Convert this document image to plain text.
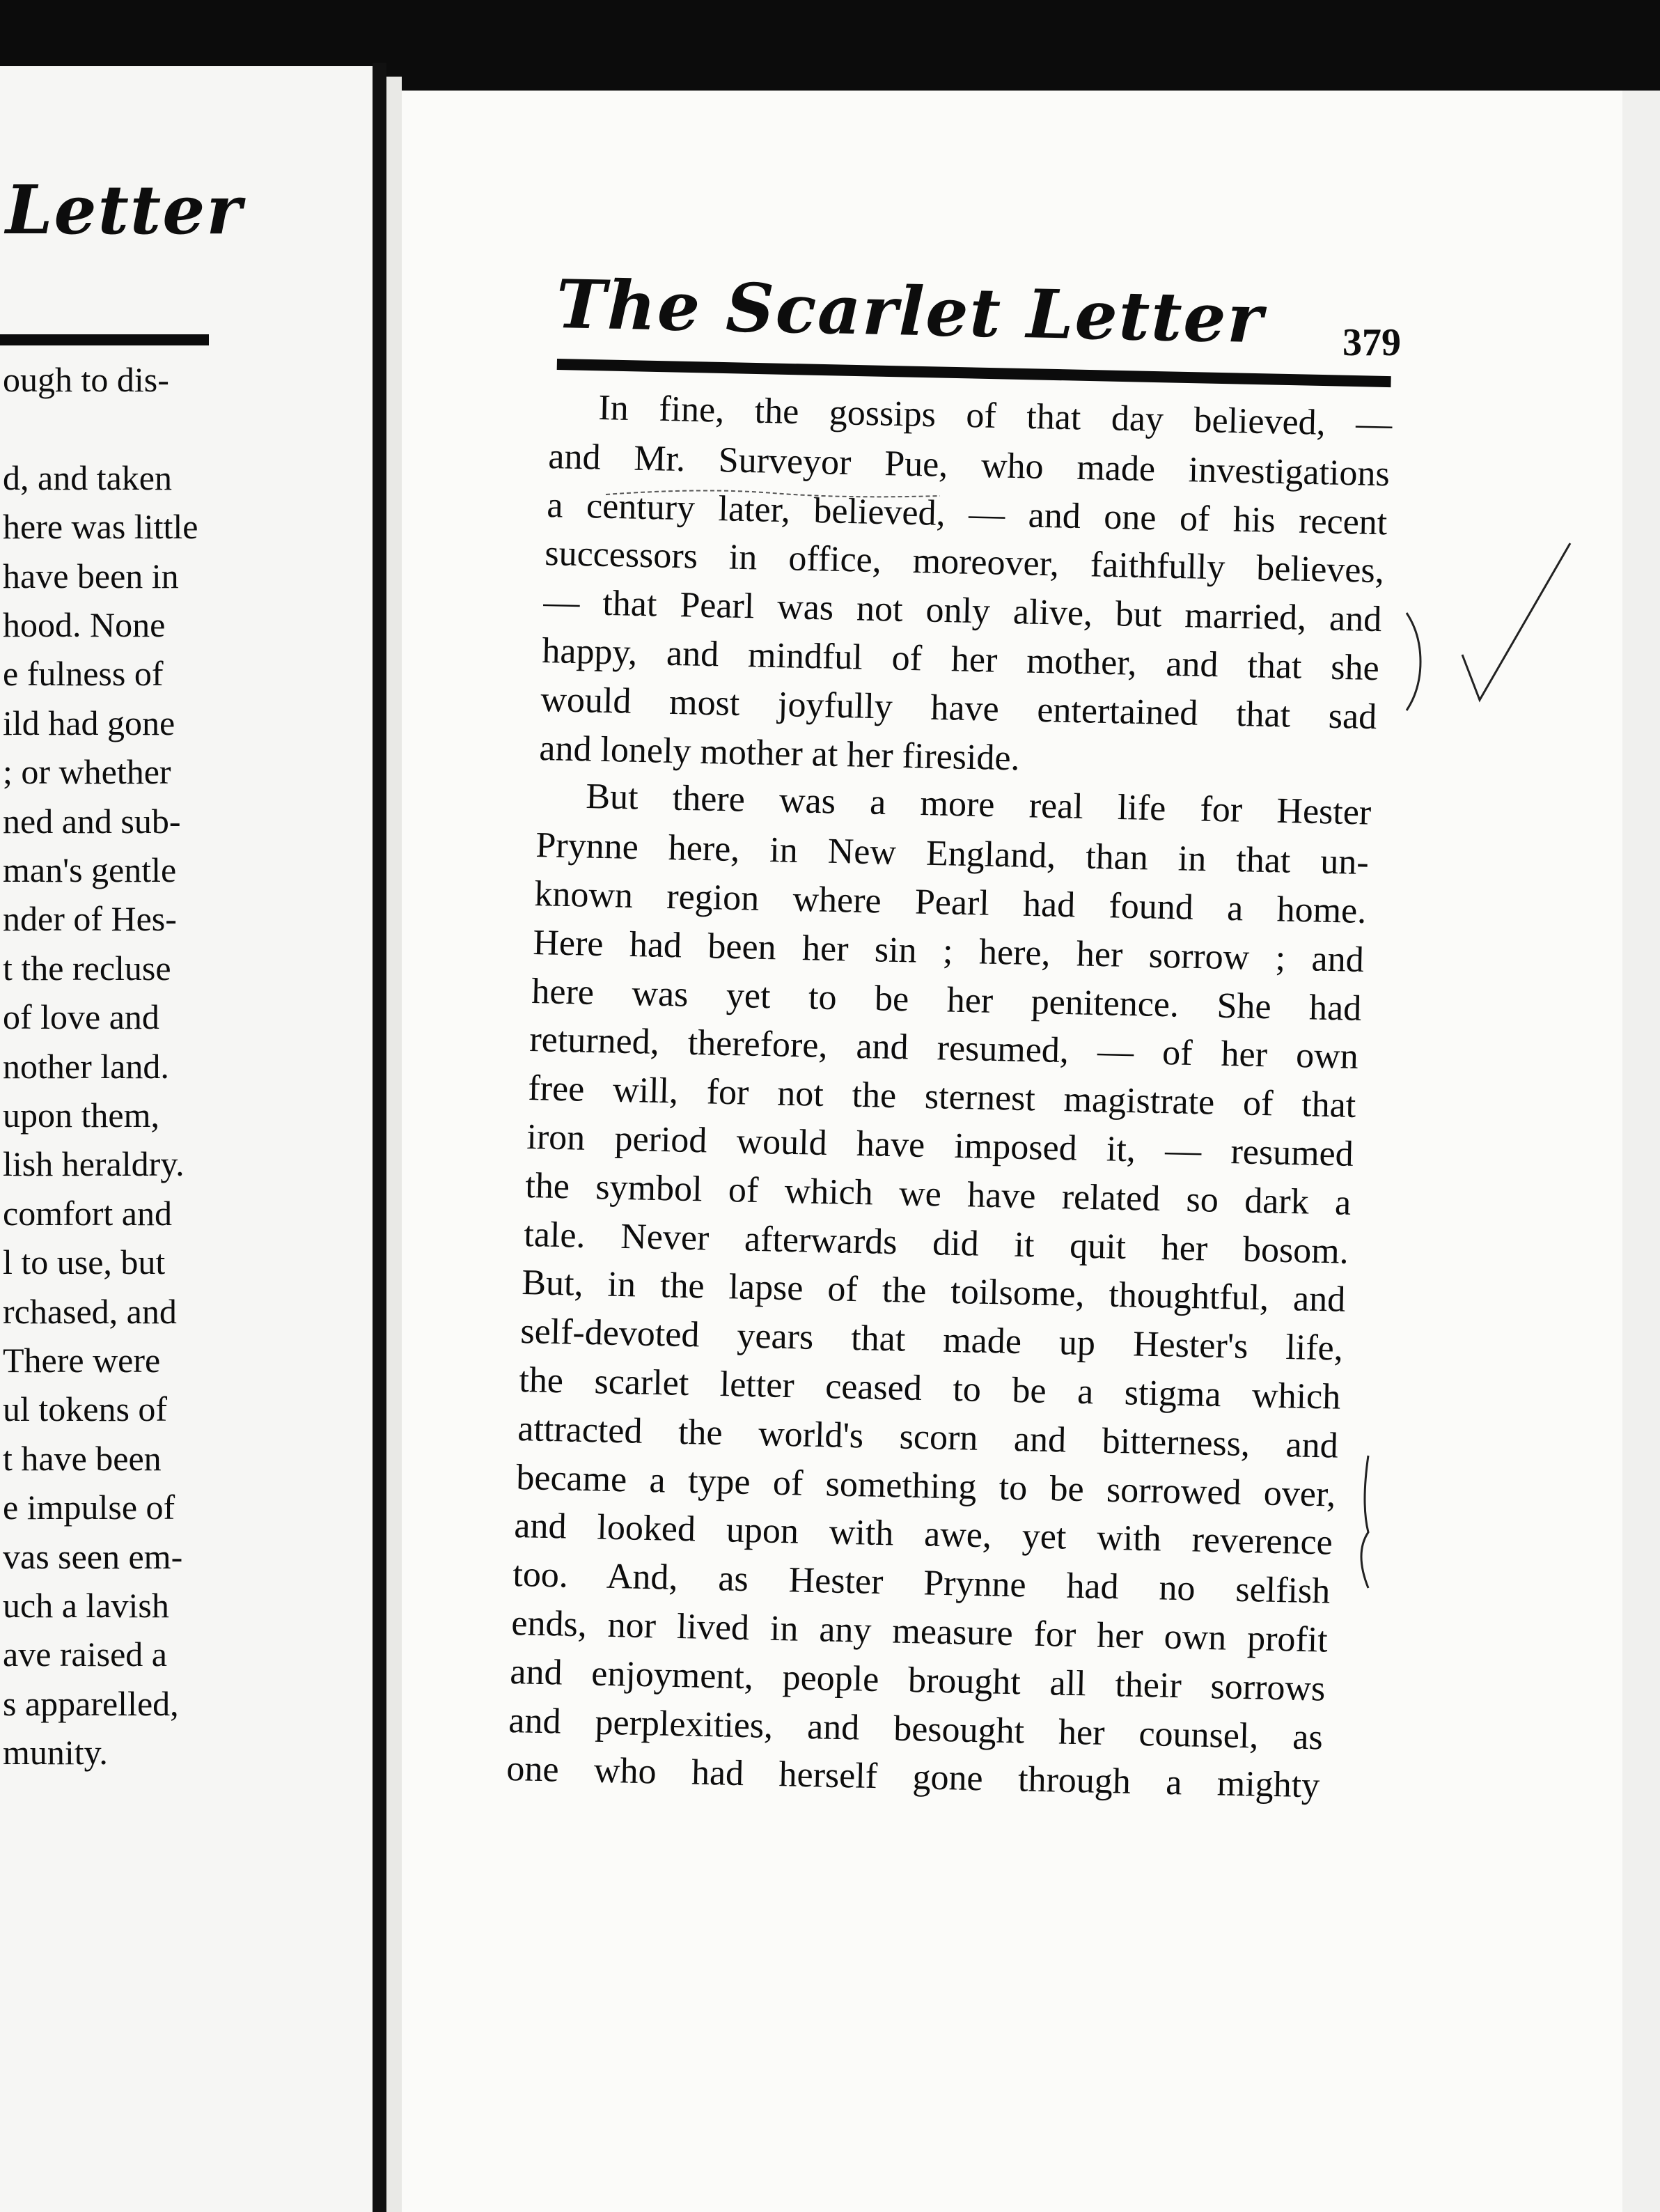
Letter
The Scarlet Letter 379
ough to dis-
d, and taken
here was little
have been in
hood. None
e fulness of
ild had gone
; or whether
ned and sub-
man's gentle
nder of Hes-
t the recluse
of love and
nother land.
upon them,
lish heraldry.
comfort and
l to use, but
rchased, and
There were
ul tokens of
t have been
e impulse of
vas seen em-
uch a lavish
ave raised a
s apparelled,
munity.
In fine, the gossips of that day believed, —
and Mr. Surveyor Pue, who made investigations
a century later, believed, — and one of his recent
successors in office, moreover, faithfully believes,
— that Pearl was not only alive, but married, and
happy, and mindful of her mother, and that she
would most joyfully have entertained that sad
and lonely mother at her fireside.
But there was a more real life for Hester
Prynne here, in New England, than in that un-
known region where Pearl had found a home.
Here had been her sin ; here, her sorrow ; and
here was yet to be her penitence. She had
returned, therefore, and resumed, — of her own
free will, for not the sternest magistrate of that
iron period would have imposed it, — resumed
the symbol of which we have related so dark a
tale. Never afterwards did it quit her bosom.
But, in the lapse of the toilsome, thoughtful, and
self-devoted years that made up Hester's life,
the scarlet letter ceased to be a stigma which
attracted the world's scorn and bitterness, and
became a type of something to be sorrowed over,
and looked upon with awe, yet with reverence
too. And, as Hester Prynne had no selfish
ends, nor lived in any measure for her own profit
and enjoyment, people brought all their sorrows
and perplexities, and besought her counsel, as
one who had herself gone through a mighty
